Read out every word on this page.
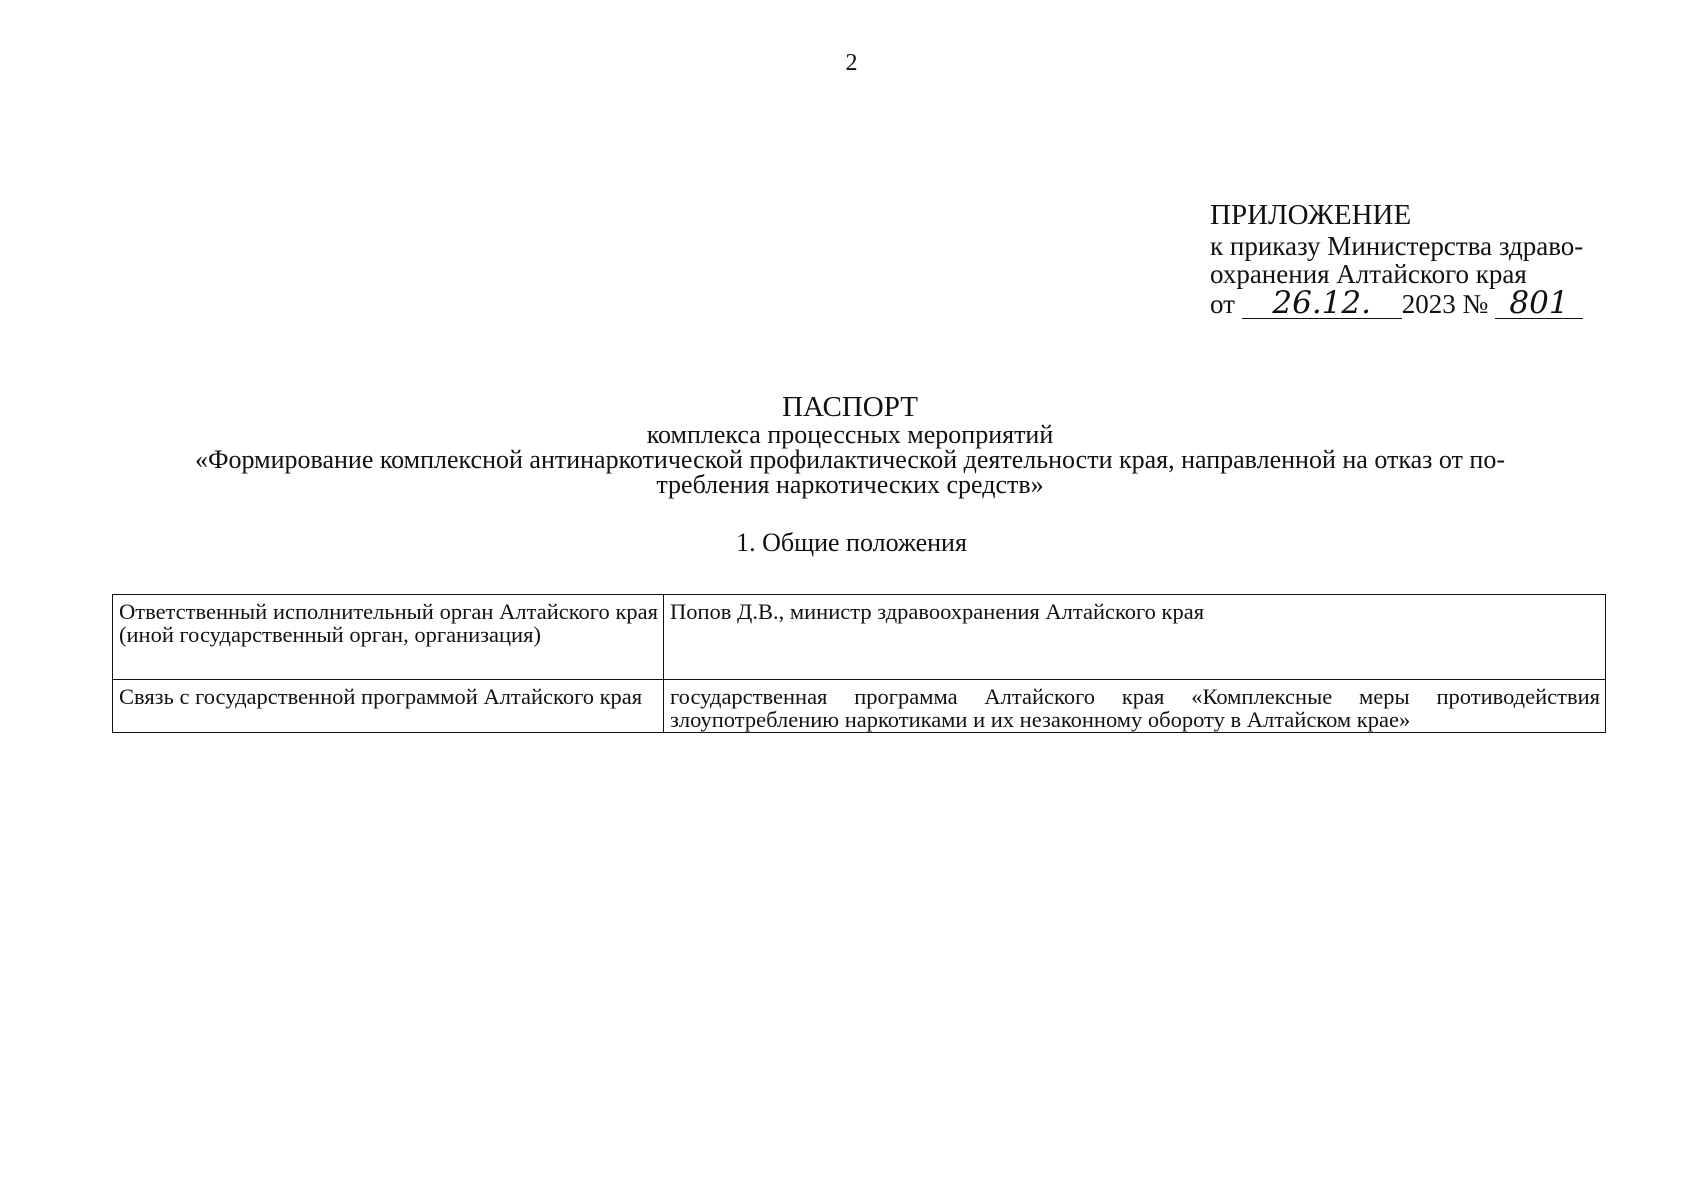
2
ПРИЛОЖЕНИЕ
к приказу Министерства здраво-
охранения Алтайского края
от 26.12. 2023 № 801
ПАСПОРТ
комплекса процессных мероприятий
«Формирование комплексной антинаркотической профилактической деятельности края, направленной на отказ от по-
требления наркотических средств»
1. Общие положения
Ответственный исполнительный орган Алтайского края (иной государственный орган, организация)	Попов Д.В., министр здравоохранения Алтайского края
Связь с государственной программой Алтайского края	государственная программа Алтайского края «Комплексные меры противодействия злоупотреблению наркотиками и их незаконному обороту в Алтайском крае»
